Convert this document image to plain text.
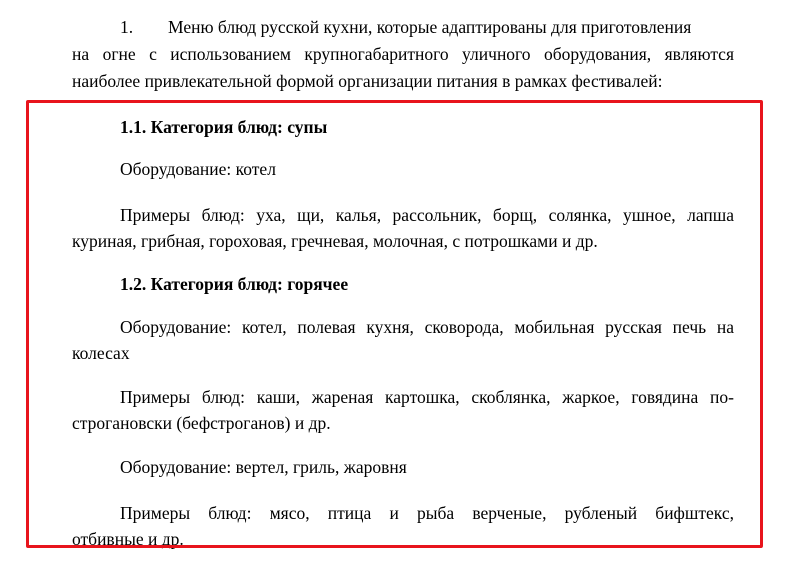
1. Меню блюд русской кухни, которые адаптированы для приготовления
на огне с использованием крупногабаритного уличного оборудования, являются
наиболее привлекательной формой организации питания в рамках фестивалей:
1.1. Категория блюд: супы
Оборудование: котел
Примеры блюд: уха, щи, калья, рассольник, борщ, солянка, ушное, лапша
куриная, грибная, гороховая, гречневая, молочная, с потрошками и др.
1.2. Категория блюд: горячее
Оборудование: котел, полевая кухня, сковорода, мобильная русская печь на
колесах
Примеры блюд: каши, жареная картошка, скоблянка, жаркое, говядина по-
строгановски (бефстроганов) и др.
Оборудование: вертел, гриль, жаровня
Примеры блюд: мясо, птица и рыба верченые, рубленый бифштекс,
отбивные и др.
